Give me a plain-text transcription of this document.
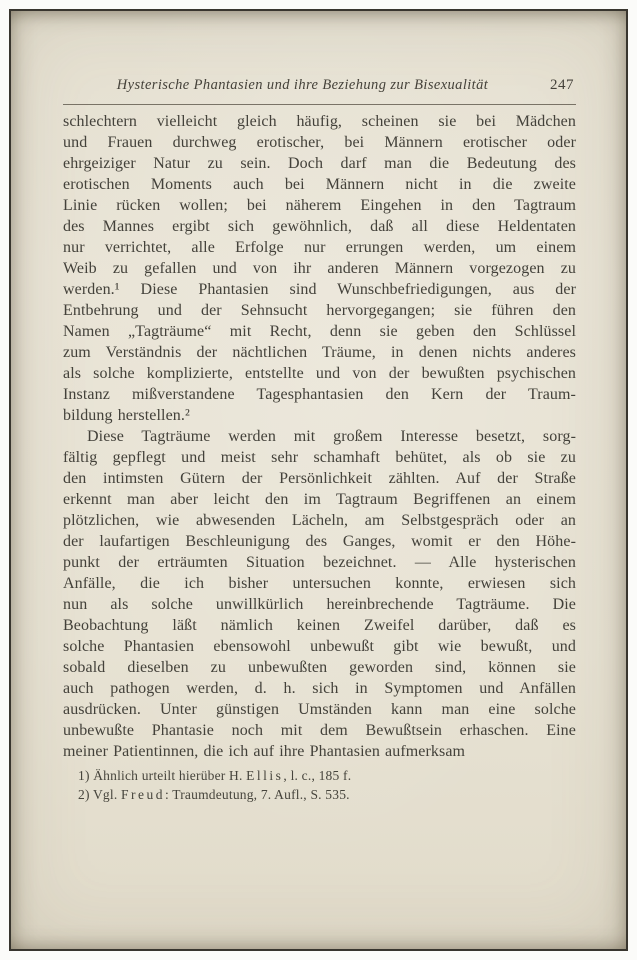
Hysterische Phantasien und ihre Beziehung zur Bisexualität	247
schlechtern vielleicht gleich häufig, scheinen sie bei Mädchen
und Frauen durchweg erotischer, bei Männern erotischer oder
ehrgeiziger Natur zu sein. Doch darf man die Bedeutung des
erotischen Moments auch bei Männern nicht in die zweite
Linie rücken wollen; bei näherem Eingehen in den Tagtraum
des Mannes ergibt sich gewöhnlich, daß all diese Heldentaten
nur verrichtet, alle Erfolge nur errungen werden, um einem
Weib zu gefallen und von ihr anderen Männern vorgezogen zu
werden.¹ Diese Phantasien sind Wunschbefriedigungen, aus der
Entbehrung und der Sehnsucht hervorgegangen; sie führen den
Namen „Tagträume“ mit Recht, denn sie geben den Schlüssel
zum Verständnis der nächtlichen Träume, in denen nichts anderes
als solche komplizierte, entstellte und von der bewußten psychischen
Instanz mißverstandene Tagesphantasien den Kern der Traum-
bildung herstellen.²
Diese Tagträume werden mit großem Interesse besetzt, sorg-
fältig gepflegt und meist sehr schamhaft behütet, als ob sie zu
den intimsten Gütern der Persönlichkeit zählten. Auf der Straße
erkennt man aber leicht den im Tagtraum Begriffenen an einem
plötzlichen, wie abwesenden Lächeln, am Selbstgespräch oder an
der laufartigen Beschleunigung des Ganges, womit er den Höhe-
punkt der erträumten Situation bezeichnet. — Alle hysterischen
Anfälle, die ich bisher untersuchen konnte, erwiesen sich
nun als solche unwillkürlich hereinbrechende Tagträume. Die
Beobachtung läßt nämlich keinen Zweifel darüber, daß es
solche Phantasien ebensowohl unbewußt gibt wie bewußt, und
sobald dieselben zu unbewußten geworden sind, können sie
auch pathogen werden, d. h. sich in Symptomen und Anfällen
ausdrücken. Unter günstigen Umständen kann man eine solche
unbewußte Phantasie noch mit dem Bewußtsein erhaschen. Eine
meiner Patientinnen, die ich auf ihre Phantasien aufmerksam
1) Ähnlich urteilt hierüber H. Ellis, l. c., 185 f.
2) Vgl. Freud: Traumdeutung, 7. Aufl., S. 535.
